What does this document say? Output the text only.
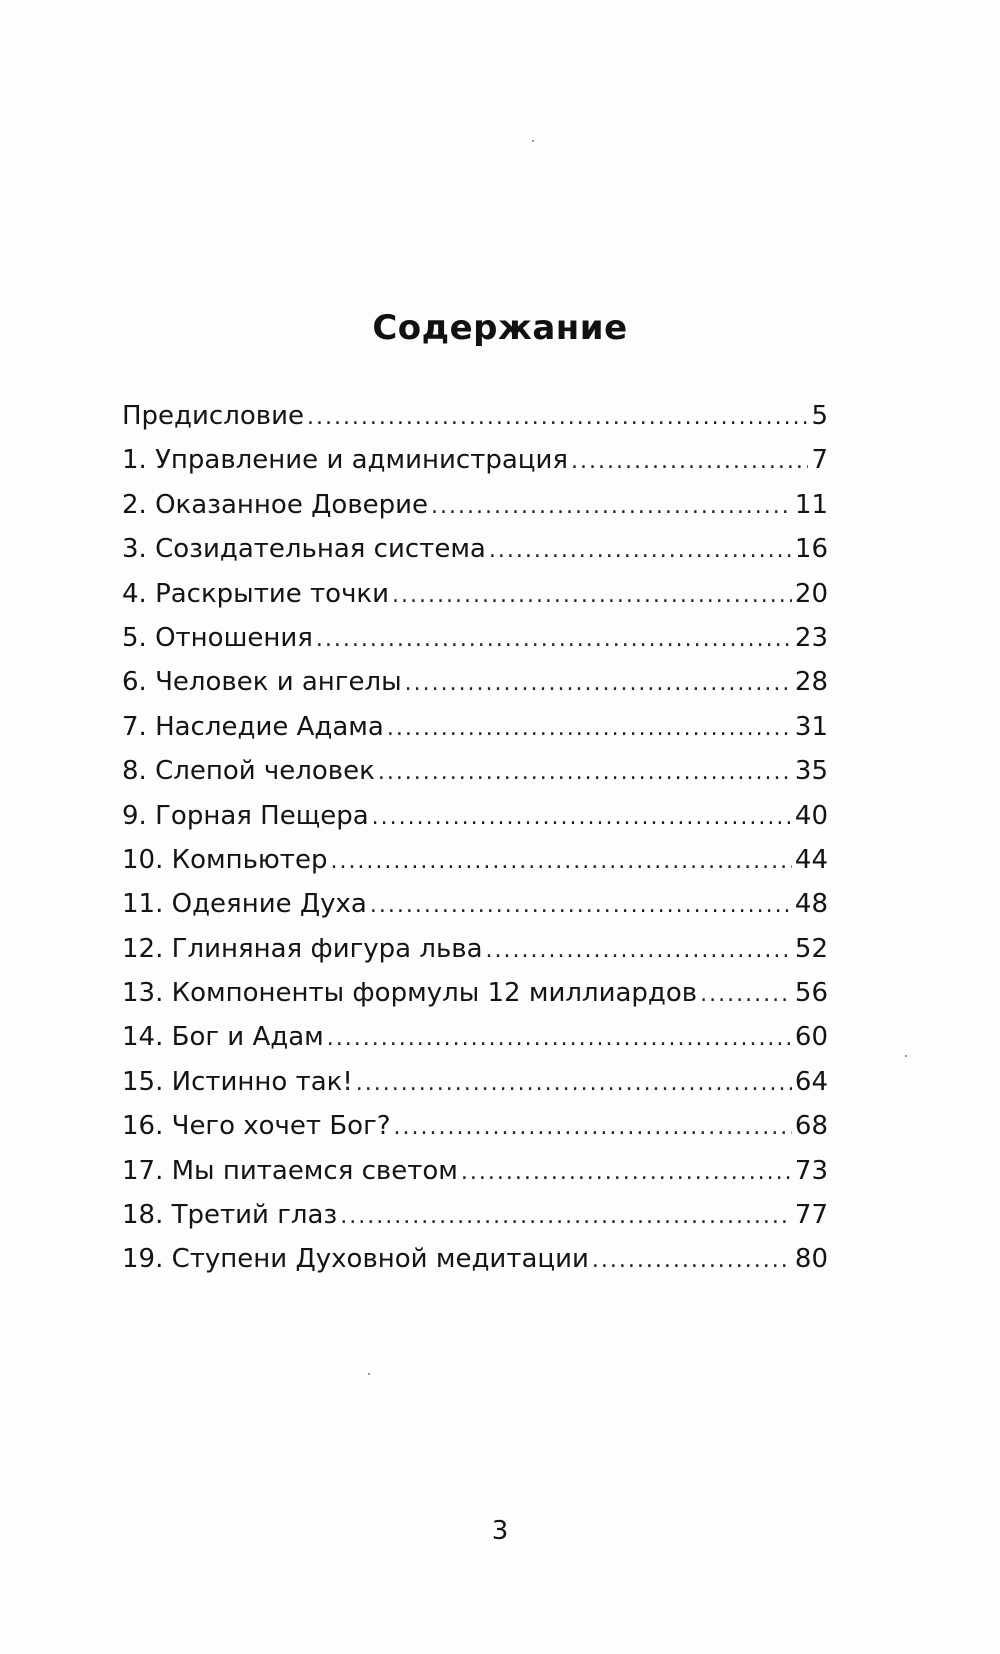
Содержание
Предисловие .....	5
1. Управление и администрация .....	7
2. Оказанное Доверие .....	11
3. Созидательная система .....	16
4. Раскрытие точки .....	20
5. Отношения .....	23
6. Человек и ангелы .....	28
7. Наследие Адама .....	31
8. Слепой человек .....	35
9. Горная Пещера .....	40
10. Компьютер .....	44
11. Одеяние Духа .....	48
12. Глиняная фигура льва .....	52
13. Компоненты формулы 12 миллиардов .....	56
14. Бог и Адам .....	60
15. Истинно так! .....	64
16. Чего хочет Бог? .....	68
17. Мы питаемся светом .....	73
18. Третий глаз .....	77
19. Ступени Духовной медитации .....	80
3
